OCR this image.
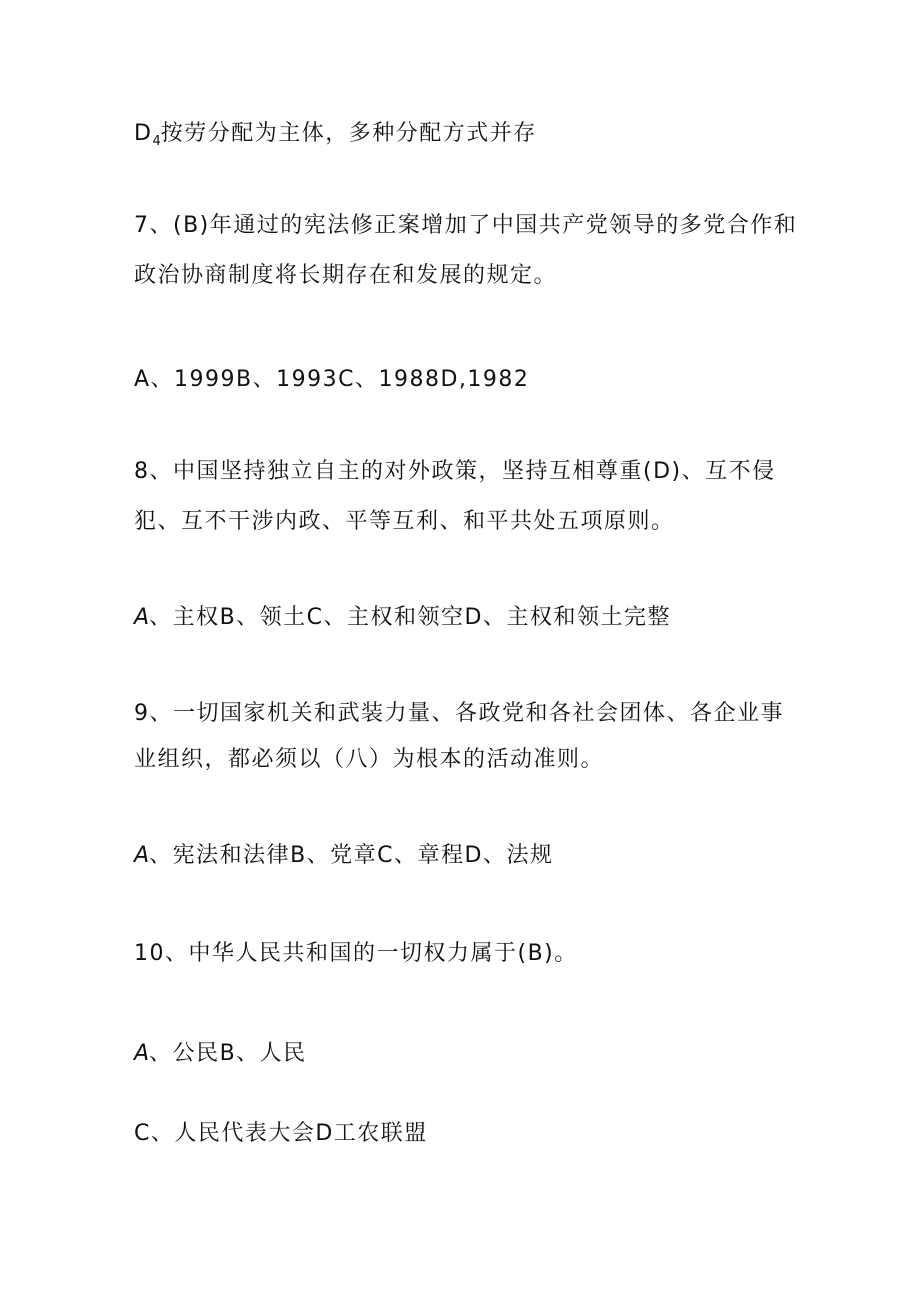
$D_4$按劳分配为主体，多种分配方式并存

7、(B)年通过的宪法修正案增加了中国共产党领导的多党合作和

政治协商制度将长期存在和发展的规定。

A、1999B、1993C、1988D,1982

8、中国坚持独立自主的对外政策，坚持互相尊重(D)、互不侵

犯、互不干涉内政、平等互利、和平共处五项原则。

A、主权B、领土C、主权和领空D、主权和领土完整

9、一切国家机关和武装力量、各政党和各社会团体、各企业事

业组织，都必须以（八）为根本的活动准则。

A、宪法和法律B、党章C、章程D、法规

10、中华人民共和国的一切权力属于(B)。

A、公民B、人民

C、人民代表大会D工农联盟
